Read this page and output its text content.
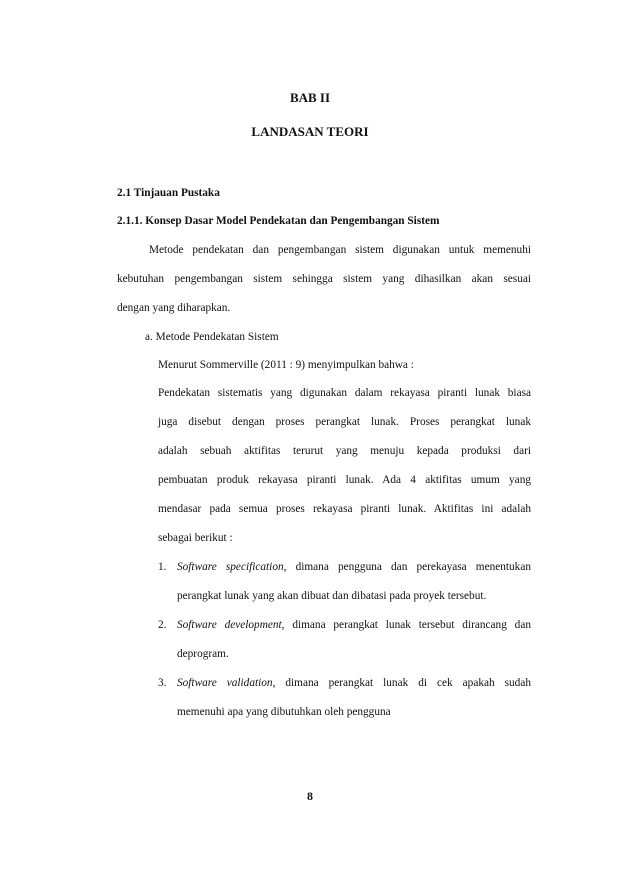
BAB II
LANDASAN TEORI
2.1 Tinjauan Pustaka
2.1.1. Konsep Dasar Model Pendekatan dan Pengembangan Sistem
Metode pendekatan dan pengembangan sistem digunakan untuk memenuhi
kebutuhan pengembangan sistem sehingga sistem yang dihasilkan akan sesuai
dengan yang diharapkan.
a. Metode Pendekatan Sistem
Menurut Sommerville (2011 : 9) menyimpulkan bahwa :
Pendekatan sistematis yang digunakan dalam rekayasa piranti lunak biasa
juga disebut dengan proses perangkat lunak. Proses perangkat lunak
adalah sebuah aktifitas terurut yang menuju kepada produksi dari
pembuatan produk rekayasa piranti lunak. Ada 4 aktifitas umum yang
mendasar pada semua proses rekayasa piranti lunak. Aktifitas ini adalah
sebagai berikut :
1. Software specification, dimana pengguna dan perekayasa menentukan
perangkat lunak yang akan dibuat dan dibatasi pada proyek tersebut.
2. Software development, dimana perangkat lunak tersebut dirancang dan
deprogram.
3. Software validation, dimana perangkat lunak di cek apakah sudah
memenuhi apa yang dibutuhkan oleh pengguna
8
